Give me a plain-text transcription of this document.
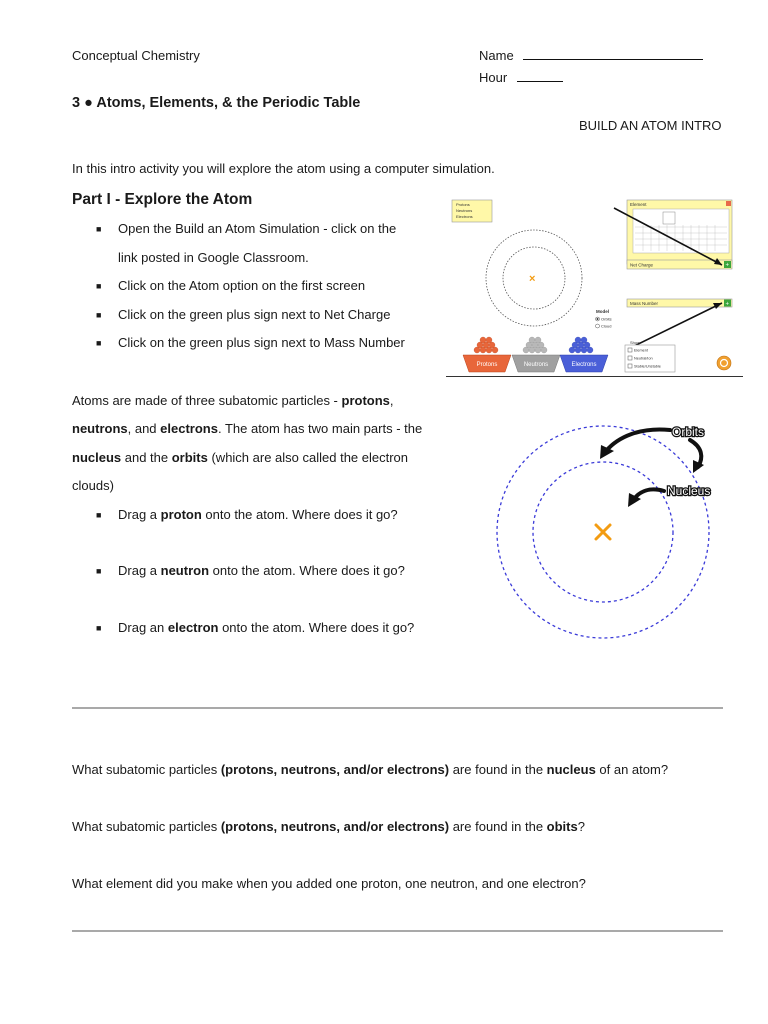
Conceptual Chemistry	Name
Hour
3 ● Atoms, Elements, & the Periodic Table
BUILD AN ATOM INTRO
In this intro activity you will explore the atom using a computer simulation.
Part I - Explore the Atom
■ Open the Build an Atom Simulation - click on the
link posted in Google Classroom.
■ Click on the Atom option on the first screen
■ Click on the green plus sign next to Net Charge
■ Click on the green plus sign next to Mass Number
Protons
Neutrons
Electrons
×
Element
Net Charge	+
Mass Number	+
Model
Orbits
Cloud
Show
Element
Neutral/Ion
Stable/Unstable
Protons	Neutrons	Electrons
Atoms are made of three subatomic particles - protons,
neutrons, and electrons. The atom has two main parts - the
nucleus and the orbits (which are also called the electron
clouds)
■ Drag a proton onto the atom. Where does it go?
■ Drag a neutron onto the atom. Where does it go?
■ Drag an electron onto the atom. Where does it go?
Orbits
Nucleus
What subatomic particles (protons, neutrons, and/or electrons) are found in the nucleus of an atom?
What subatomic particles (protons, neutrons, and/or electrons) are found in the obits?
What element did you make when you added one proton, one neutron, and one electron?
